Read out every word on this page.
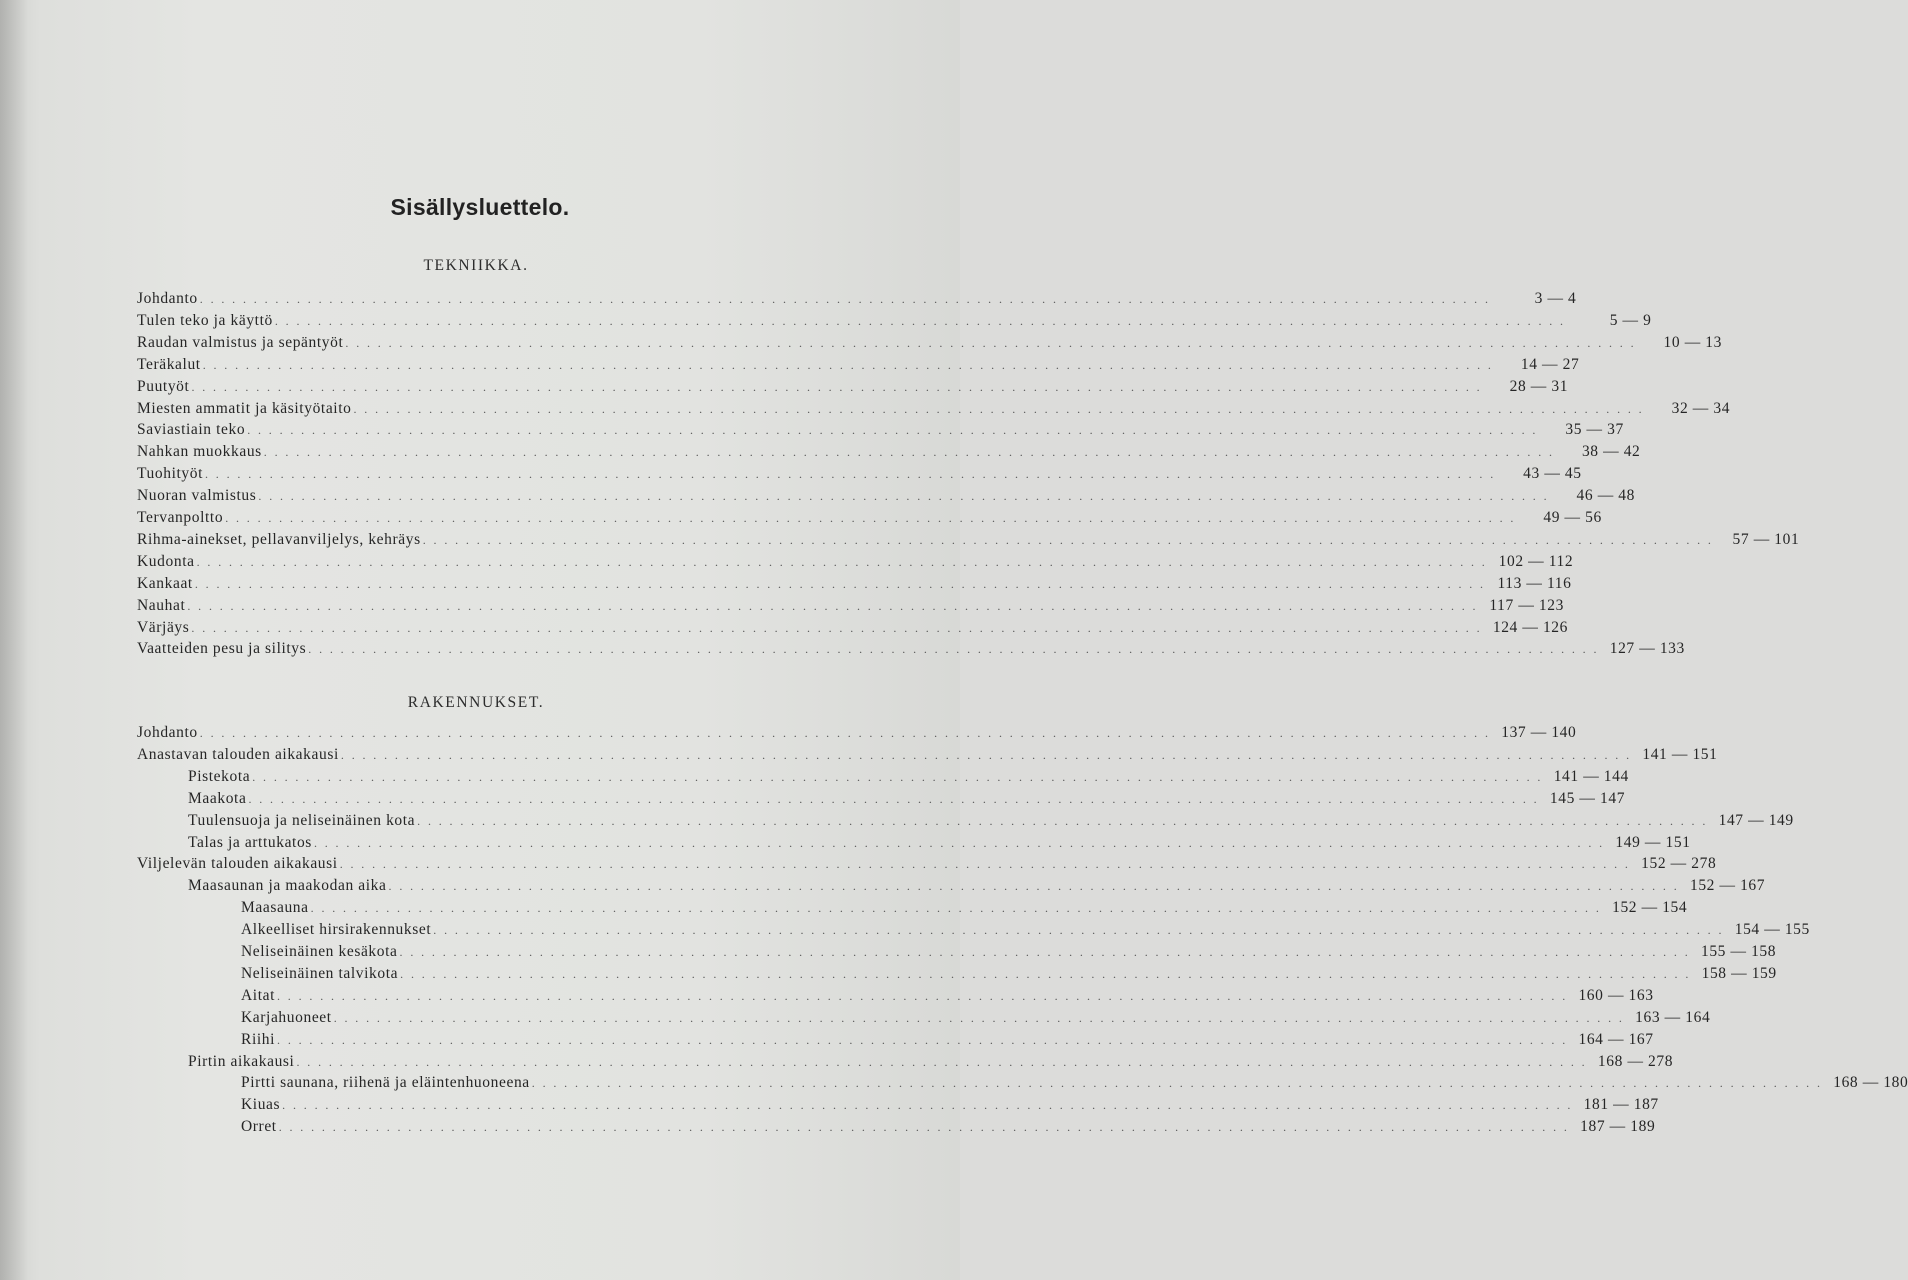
Sisällysluettelo.
TEKNIIKKA.
Johdanto . . . . . . . . . . . . . . . . . . . . . . . . . . . . . . . . . . . . . . . . . . . . . . . . . . . . . . . . . . . . . . . . . . . . . . . . . . . . . . . . . . . . . . . . . . . . . . . . . . . . . . . . . . . . . . . . . . . . . . . .	3 — 4
Tulen teko ja käyttö . . . . . . . . . . . . . . . . . . . . . . . . . . . . . . . . . . . . . . . . . . . . . . . . . . . . . . . . . . . . . . . . . . . . . . . . . . . . . . . . . . . . . . . . . . . . . . . . . . . . . . . . . . . . . . . . . . . . . . . .	5 — 9
Raudan valmistus ja sepäntyöt . . . . . . . . . . . . . . . . . . . . . . . . . . . . . . . . . . . . . . . . . . . . . . . . . . . . . . . . . . . . . . . . . . . . . . . . . . . . . . . . . . . . . . . . . . . . . . . . . . . . . . . . . . . . . . . . . . . . . . . .	10 — 13
Teräkalut . . . . . . . . . . . . . . . . . . . . . . . . . . . . . . . . . . . . . . . . . . . . . . . . . . . . . . . . . . . . . . . . . . . . . . . . . . . . . . . . . . . . . . . . . . . . . . . . . . . . . . . . . . . . . . . . . . . . . . . .	14 — 27
Puutyöt . . . . . . . . . . . . . . . . . . . . . . . . . . . . . . . . . . . . . . . . . . . . . . . . . . . . . . . . . . . . . . . . . . . . . . . . . . . . . . . . . . . . . . . . . . . . . . . . . . . . . . . . . . . . . . . . . . . . . . . .	28 — 31
Miesten ammatit ja käsityötaito . . . . . . . . . . . . . . . . . . . . . . . . . . . . . . . . . . . . . . . . . . . . . . . . . . . . . . . . . . . . . . . . . . . . . . . . . . . . . . . . . . . . . . . . . . . . . . . . . . . . . . . . . . . . . . . . . . . . . . . .	32 — 34
Saviastiain teko . . . . . . . . . . . . . . . . . . . . . . . . . . . . . . . . . . . . . . . . . . . . . . . . . . . . . . . . . . . . . . . . . . . . . . . . . . . . . . . . . . . . . . . . . . . . . . . . . . . . . . . . . . . . . . . . . . . . . . . .	35 — 37
Nahkan muokkaus . . . . . . . . . . . . . . . . . . . . . . . . . . . . . . . . . . . . . . . . . . . . . . . . . . . . . . . . . . . . . . . . . . . . . . . . . . . . . . . . . . . . . . . . . . . . . . . . . . . . . . . . . . . . . . . . . . . . . . . .	38 — 42
Tuohityöt . . . . . . . . . . . . . . . . . . . . . . . . . . . . . . . . . . . . . . . . . . . . . . . . . . . . . . . . . . . . . . . . . . . . . . . . . . . . . . . . . . . . . . . . . . . . . . . . . . . . . . . . . . . . . . . . . . . . . . . .	43 — 45
Nuoran valmistus . . . . . . . . . . . . . . . . . . . . . . . . . . . . . . . . . . . . . . . . . . . . . . . . . . . . . . . . . . . . . . . . . . . . . . . . . . . . . . . . . . . . . . . . . . . . . . . . . . . . . . . . . . . . . . . . . . . . . . . .	46 — 48
Tervanpoltto . . . . . . . . . . . . . . . . . . . . . . . . . . . . . . . . . . . . . . . . . . . . . . . . . . . . . . . . . . . . . . . . . . . . . . . . . . . . . . . . . . . . . . . . . . . . . . . . . . . . . . . . . . . . . . . . . . . . . . . .	49 — 56
Rihma-ainekset, pellavanviljelys, kehräys . . . . . . . . . . . . . . . . . . . . . . . . . . . . . . . . . . . . . . . . . . . . . . . . . . . . . . . . . . . . . . . . . . . . . . . . . . . . . . . . . . . . . . . . . . . . . . . . . . . . . . . . . . . . . . . . . . . . . . . .	57 — 101
Kudonta . . . . . . . . . . . . . . . . . . . . . . . . . . . . . . . . . . . . . . . . . . . . . . . . . . . . . . . . . . . . . . . . . . . . . . . . . . . . . . . . . . . . . . . . . . . . . . . . . . . . . . . . . . . . . . . . . . . . . . . . 102 — 112
Kankaat . . . . . . . . . . . . . . . . . . . . . . . . . . . . . . . . . . . . . . . . . . . . . . . . . . . . . . . . . . . . . . . . . . . . . . . . . . . . . . . . . . . . . . . . . . . . . . . . . . . . . . . . . . . . . . . . . . . . . . . . 113 — 116
Nauhat . . . . . . . . . . . . . . . . . . . . . . . . . . . . . . . . . . . . . . . . . . . . . . . . . . . . . . . . . . . . . . . . . . . . . . . . . . . . . . . . . . . . . . . . . . . . . . . . . . . . . . . . . . . . . . . . . . . . . . . . 117 — 123
Värjäys . . . . . . . . . . . . . . . . . . . . . . . . . . . . . . . . . . . . . . . . . . . . . . . . . . . . . . . . . . . . . . . . . . . . . . . . . . . . . . . . . . . . . . . . . . . . . . . . . . . . . . . . . . . . . . . . . . . . . . . . 124 — 126
Vaatteiden pesu ja silitys . . . . . . . . . . . . . . . . . . . . . . . . . . . . . . . . . . . . . . . . . . . . . . . . . . . . . . . . . . . . . . . . . . . . . . . . . . . . . . . . . . . . . . . . . . . . . . . . . . . . . . . . . . . . . . . . . . . . . . . . 127 — 133
RAKENNUKSET.
Johdanto . . . . . . . . . . . . . . . . . . . . . . . . . . . . . . . . . . . . . . . . . . . . . . . . . . . . . . . . . . . . . . . . . . . . . . . . . . . . . . . . . . . . . . . . . . . . . . . . . . . . . . . . . . . . . . . . . . . . . . . . 137 — 140
Anastavan talouden aikakausi . . . . . . . . . . . . . . . . . . . . . . . . . . . . . . . . . . . . . . . . . . . . . . . . . . . . . . . . . . . . . . . . . . . . . . . . . . . . . . . . . . . . . . . . . . . . . . . . . . . . . . . . . . . . . . . . . . . . . . . . 141 — 151
Pistekota . . . . . . . . . . . . . . . . . . . . . . . . . . . . . . . . . . . . . . . . . . . . . . . . . . . . . . . . . . . . . . . . . . . . . . . . . . . . . . . . . . . . . . . . . . . . . . . . . . . . . . . . . . . . . . . . . . . . . . . . 141 — 144
Maakota . . . . . . . . . . . . . . . . . . . . . . . . . . . . . . . . . . . . . . . . . . . . . . . . . . . . . . . . . . . . . . . . . . . . . . . . . . . . . . . . . . . . . . . . . . . . . . . . . . . . . . . . . . . . . . . . . . . . . . . . 145 — 147
Tuulensuoja ja neliseinäinen kota . . . . . . . . . . . . . . . . . . . . . . . . . . . . . . . . . . . . . . . . . . . . . . . . . . . . . . . . . . . . . . . . . . . . . . . . . . . . . . . . . . . . . . . . . . . . . . . . . . . . . . . . . . . . . . . . . . . . . . . . 147 — 149
Talas ja arttukatos . . . . . . . . . . . . . . . . . . . . . . . . . . . . . . . . . . . . . . . . . . . . . . . . . . . . . . . . . . . . . . . . . . . . . . . . . . . . . . . . . . . . . . . . . . . . . . . . . . . . . . . . . . . . . . . . . . . . . . . . 149 — 151
Viljelevän talouden aikakausi . . . . . . . . . . . . . . . . . . . . . . . . . . . . . . . . . . . . . . . . . . . . . . . . . . . . . . . . . . . . . . . . . . . . . . . . . . . . . . . . . . . . . . . . . . . . . . . . . . . . . . . . . . . . . . . . . . . . . . . . 152 — 278
Maasaunan ja maakodan aika . . . . . . . . . . . . . . . . . . . . . . . . . . . . . . . . . . . . . . . . . . . . . . . . . . . . . . . . . . . . . . . . . . . . . . . . . . . . . . . . . . . . . . . . . . . . . . . . . . . . . . . . . . . . . . . . . . . . . . . . 152 — 167
Maasauna . . . . . . . . . . . . . . . . . . . . . . . . . . . . . . . . . . . . . . . . . . . . . . . . . . . . . . . . . . . . . . . . . . . . . . . . . . . . . . . . . . . . . . . . . . . . . . . . . . . . . . . . . . . . . . . . . . . . . . . . 152 — 154
Alkeelliset hirsirakennukset . . . . . . . . . . . . . . . . . . . . . . . . . . . . . . . . . . . . . . . . . . . . . . . . . . . . . . . . . . . . . . . . . . . . . . . . . . . . . . . . . . . . . . . . . . . . . . . . . . . . . . . . . . . . . . . . . . . . . . . . 154 — 155
Neliseinäinen kesäkota . . . . . . . . . . . . . . . . . . . . . . . . . . . . . . . . . . . . . . . . . . . . . . . . . . . . . . . . . . . . . . . . . . . . . . . . . . . . . . . . . . . . . . . . . . . . . . . . . . . . . . . . . . . . . . . . . . . . . . . . 155 — 158
Neliseinäinen talvikota . . . . . . . . . . . . . . . . . . . . . . . . . . . . . . . . . . . . . . . . . . . . . . . . . . . . . . . . . . . . . . . . . . . . . . . . . . . . . . . . . . . . . . . . . . . . . . . . . . . . . . . . . . . . . . . . . . . . . . . . 158 — 159
Aitat . . . . . . . . . . . . . . . . . . . . . . . . . . . . . . . . . . . . . . . . . . . . . . . . . . . . . . . . . . . . . . . . . . . . . . . . . . . . . . . . . . . . . . . . . . . . . . . . . . . . . . . . . . . . . . . . . . . . . . . . 160 — 163
Karjahuoneet . . . . . . . . . . . . . . . . . . . . . . . . . . . . . . . . . . . . . . . . . . . . . . . . . . . . . . . . . . . . . . . . . . . . . . . . . . . . . . . . . . . . . . . . . . . . . . . . . . . . . . . . . . . . . . . . . . . . . . . . 163 — 164
Riihi . . . . . . . . . . . . . . . . . . . . . . . . . . . . . . . . . . . . . . . . . . . . . . . . . . . . . . . . . . . . . . . . . . . . . . . . . . . . . . . . . . . . . . . . . . . . . . . . . . . . . . . . . . . . . . . . . . . . . . . . 164 — 167
Pirtin aikakausi . . . . . . . . . . . . . . . . . . . . . . . . . . . . . . . . . . . . . . . . . . . . . . . . . . . . . . . . . . . . . . . . . . . . . . . . . . . . . . . . . . . . . . . . . . . . . . . . . . . . . . . . . . . . . . . . . . . . . . . . 168 — 278
Pirtti saunana, riihenä ja eläintenhuoneena . . . . . . . . . . . . . . . . . . . . . . . . . . . . . . . . . . . . . . . . . . . . . . . . . . . . . . . . . . . . . . . . . . . . . . . . . . . . . . . . . . . . . . . . . . . . . . . . . . . . . . . . . . . . . . . . . . . . . . . . 168 — 180
Kiuas . . . . . . . . . . . . . . . . . . . . . . . . . . . . . . . . . . . . . . . . . . . . . . . . . . . . . . . . . . . . . . . . . . . . . . . . . . . . . . . . . . . . . . . . . . . . . . . . . . . . . . . . . . . . . . . . . . . . . . . . 181 — 187
Orret . . . . . . . . . . . . . . . . . . . . . . . . . . . . . . . . . . . . . . . . . . . . . . . . . . . . . . . . . . . . . . . . . . . . . . . . . . . . . . . . . . . . . . . . . . . . . . . . . . . . . . . . . . . . . . . . . . . . . . . . 187 — 189
